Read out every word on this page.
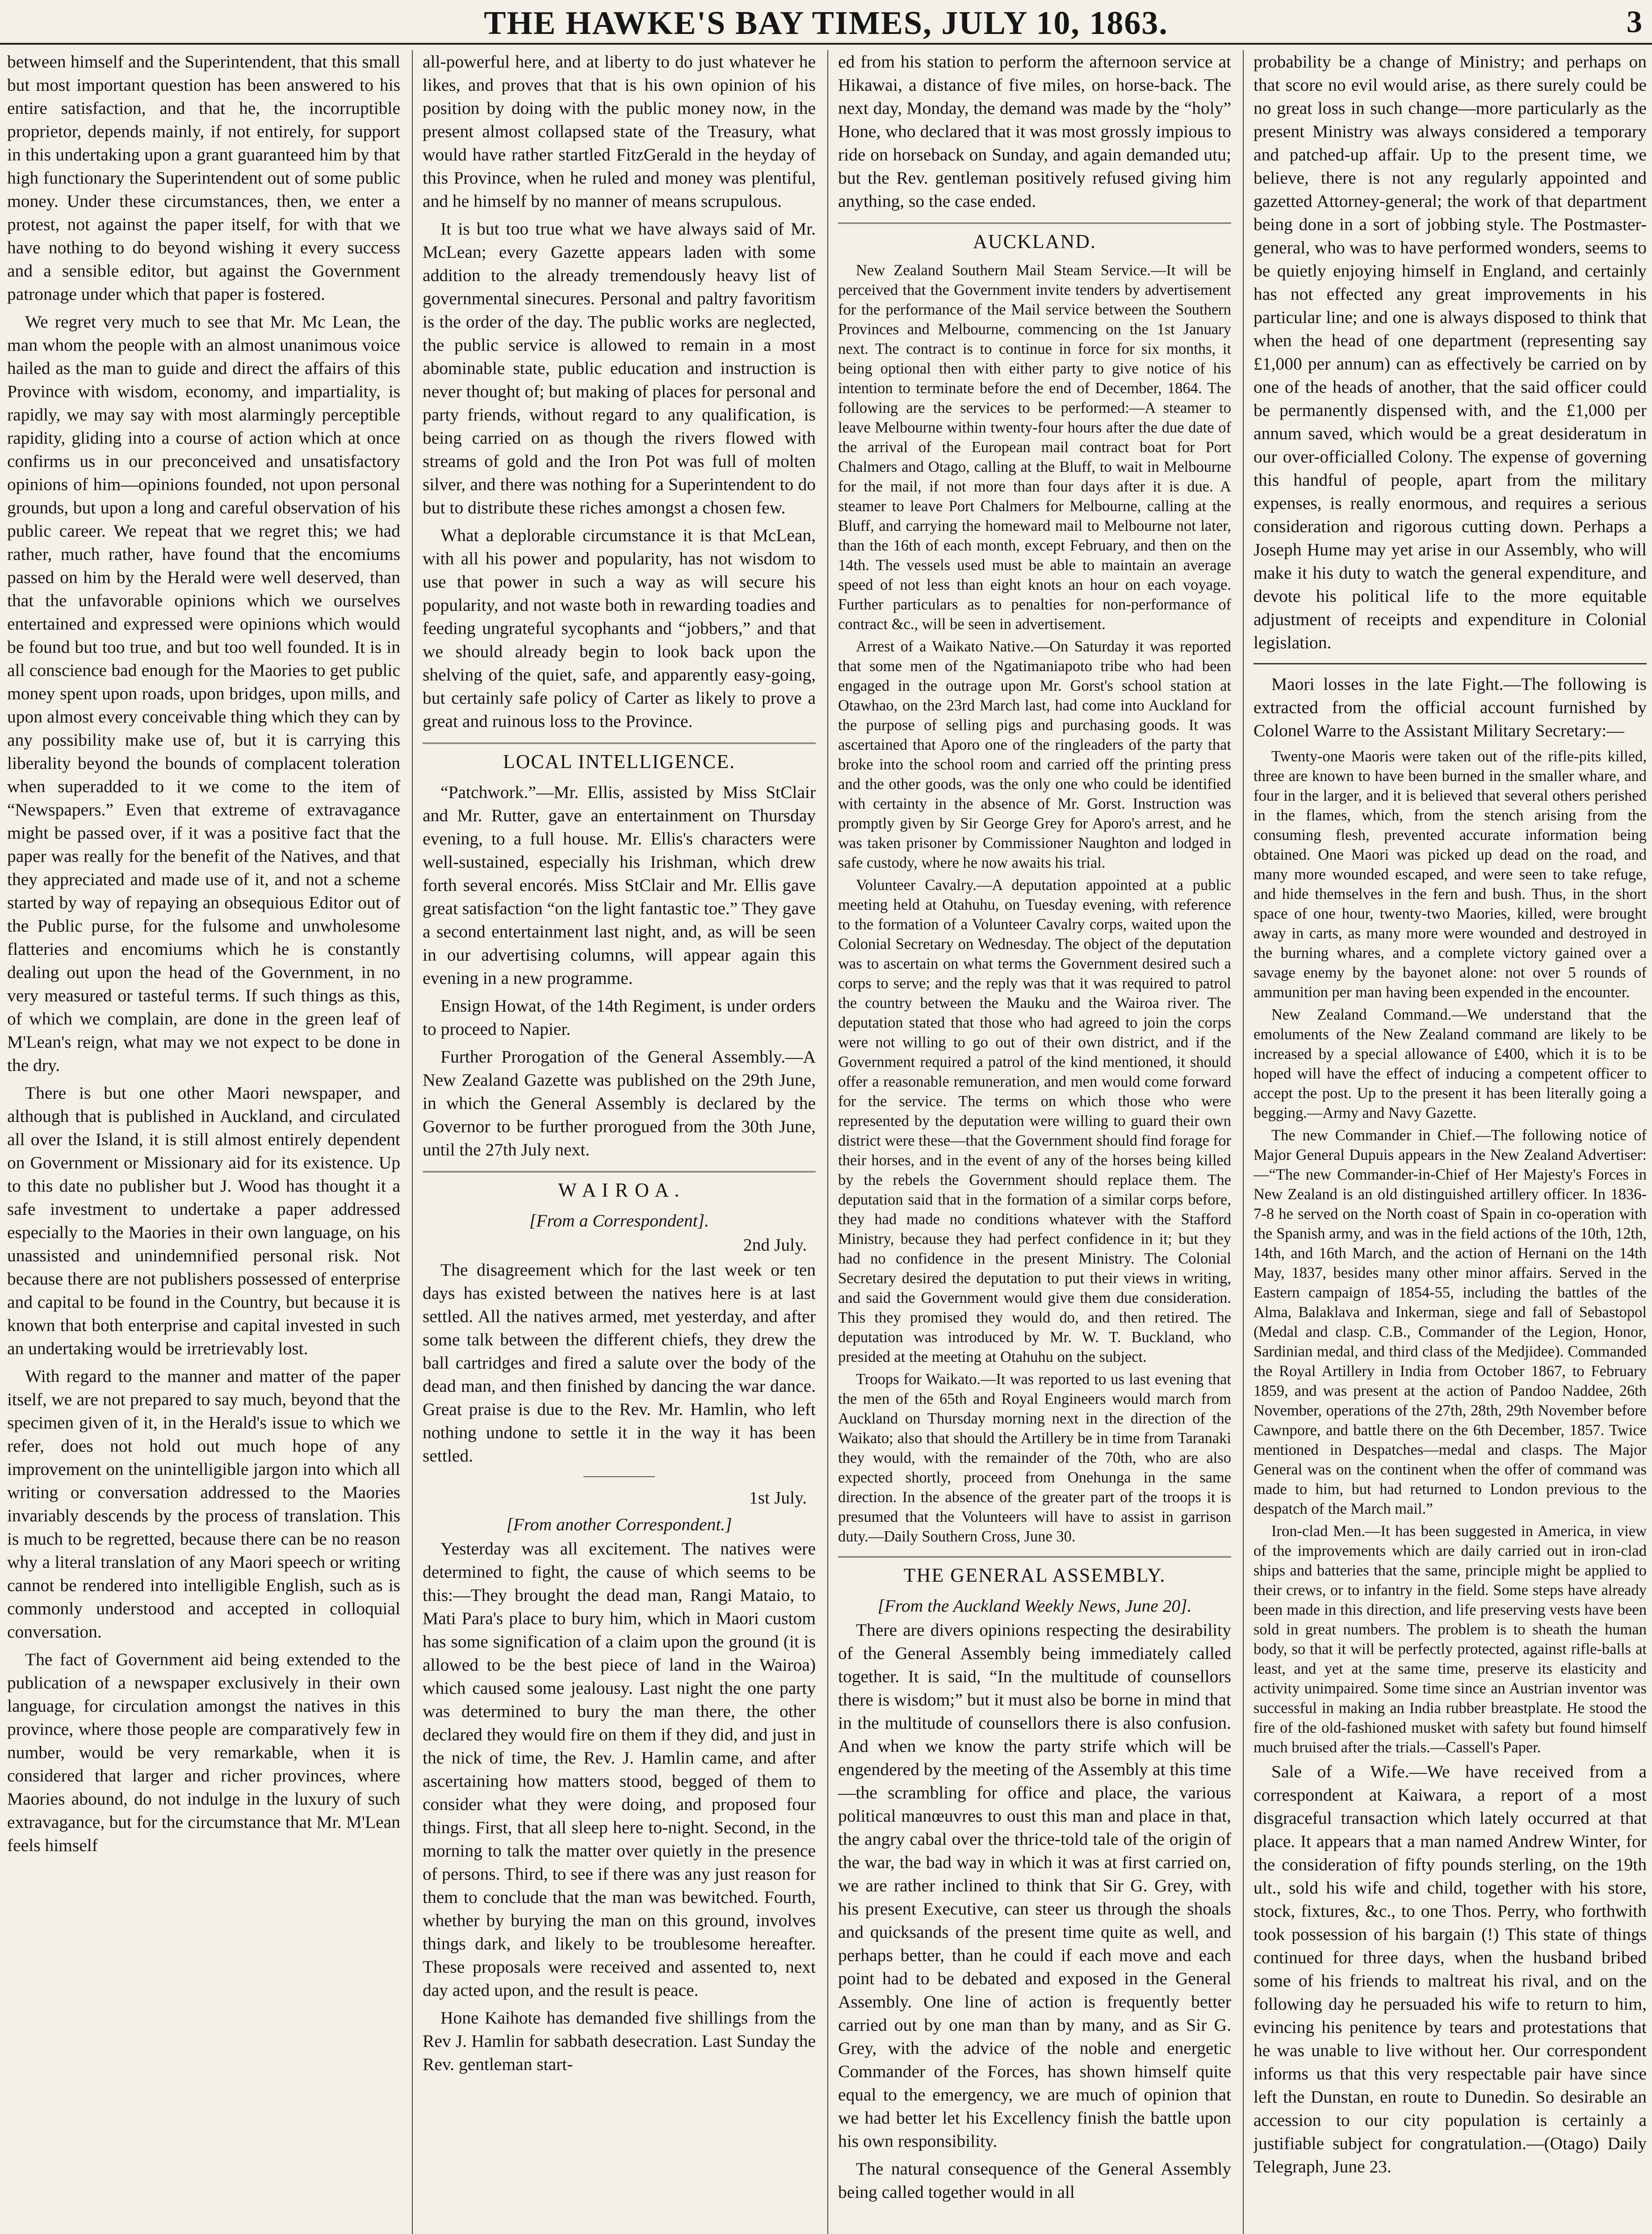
THE HAWKE'S BAY TIMES, JULY 10, 1863.	3

between himself and the Superintendent, that this small but most important question has been answered to his entire satisfaction, and that he, the incorruptible proprietor, depends mainly, if not entirely, for support in this undertaking upon a grant guaranteed him by that high functionary the Superintendent out of some public money. Under these circumstances, then, we enter a protest, not against the paper itself, for with that we have nothing to do beyond wishing it every success and a sensible editor, but against the Government patronage under which that paper is fostered.

We regret very much to see that Mr. Mc Lean, the man whom the people with an almost unanimous voice hailed as the man to guide and direct the affairs of this Province with wisdom, economy, and impartiality, is rapidly, we may say with most alarmingly perceptible rapidity, gliding into a course of action which at once confirms us in our preconceived and unsatisfactory opinions of him—opinions founded, not upon personal grounds, but upon a long and careful observation of his public career. We repeat that we regret this; we had rather, much rather, have found that the encomiums passed on him by the Herald were well deserved, than that the unfavorable opinions which we ourselves entertained and expressed were opinions which would be found but too true, and but too well founded. It is in all conscience bad enough for the Maories to get public money spent upon roads, upon bridges, upon mills, and upon almost every conceivable thing which they can by any possibility make use of, but it is carrying this liberality beyond the bounds of complacent toleration when superadded to it we come to the item of “Newspapers.” Even that extreme of extravagance might be passed over, if it was a positive fact that the paper was really for the benefit of the Natives, and that they appreciated and made use of it, and not a scheme started by way of repaying an obsequious Editor out of the Public purse, for the fulsome and unwholesome flatteries and encomiums which he is constantly dealing out upon the head of the Government, in no very measured or tasteful terms. If such things as this, of which we complain, are done in the green leaf of M'Lean's reign, what may we not expect to be done in the dry.

There is but one other Maori newspaper, and although that is published in Auckland, and circulated all over the Island, it is still almost entirely dependent on Government or Missionary aid for its existence. Up to this date no publisher but J. Wood has thought it a safe investment to undertake a paper addressed especially to the Maories in their own language, on his unassisted and unindemnified personal risk. Not because there are not publishers possessed of enterprise and capital to be found in the Country, but because it is known that both enterprise and capital invested in such an undertaking would be irretrievably lost.

With regard to the manner and matter of the paper itself, we are not prepared to say much, beyond that the specimen given of it, in the Herald's issue to which we refer, does not hold out much hope of any improvement on the unintelligible jargon into which all writing or conversation addressed to the Maories invariably descends by the process of translation. This is much to be regretted, because there can be no reason why a literal translation of any Maori speech or writing cannot be rendered into intelligible English, such as is commonly understood and accepted in colloquial conversation.

The fact of Government aid being extended to the publication of a newspaper exclusively in their own language, for circulation amongst the natives in this province, where those people are comparatively few in number, would be very remarkable, when it is considered that larger and richer provinces, where Maories abound, do not indulge in the luxury of such extravagance, but for the circumstance that Mr. M'Lean feels himself

all-powerful here, and at liberty to do just whatever he likes, and proves that that is his own opinion of his position by doing with the public money now, in the present almost collapsed state of the Treasury, what would have rather startled FitzGerald in the heyday of this Province, when he ruled and money was plentiful, and he himself by no manner of means scrupulous.

It is but too true what we have always said of Mr. McLean; every Gazette appears laden with some addition to the already tremendously heavy list of governmental sinecures. Personal and paltry favoritism is the order of the day. The public works are neglected, the public service is allowed to remain in a most abominable state, public education and instruction is never thought of; but making of places for personal and party friends, without regard to any qualification, is being carried on as though the rivers flowed with streams of gold and the Iron Pot was full of molten silver, and there was nothing for a Superintendent to do but to distribute these riches amongst a chosen few.

What a deplorable circumstance it is that McLean, with all his power and popularity, has not wisdom to use that power in such a way as will secure his popularity, and not waste both in rewarding toadies and feeding ungrateful sycophants and “jobbers,” and that we should already begin to look back upon the shelving of the quiet, safe, and apparently easy-going, but certainly safe policy of Carter as likely to prove a great and ruinous loss to the Province.

LOCAL INTELLIGENCE.

“Patchwork.”—Mr. Ellis, assisted by Miss StClair and Mr. Rutter, gave an entertainment on Thursday evening, to a full house. Mr. Ellis's characters were well-sustained, especially his Irishman, which drew forth several encorés. Miss StClair and Mr. Ellis gave great satisfaction “on the light fantastic toe.” They gave a second entertainment last night, and, as will be seen in our advertising columns, will appear again this evening in a new programme.

Ensign Howat, of the 14th Regiment, is under orders to proceed to Napier.

Further Prorogation of the General Assembly.—A New Zealand Gazette was published on the 29th June, in which the General Assembly is declared by the Governor to be further prorogued from the 30th June, until the 27th July next.

W A I R O A .
[From a Correspondent].
2nd July.

The disagreement which for the last week or ten days has existed between the natives here is at last settled. All the natives armed, met yesterday, and after some talk between the different chiefs, they drew the ball cartridges and fired a salute over the body of the dead man, and then finished by dancing the war dance. Great praise is due to the Rev. Mr. Hamlin, who left nothing undone to settle it in the way it has been settled.

1st July.
[From another Correspondent.]

Yesterday was all excitement. The natives were determined to fight, the cause of which seems to be this:—They brought the dead man, Rangi Mataio, to Mati Para's place to bury him, which in Maori custom has some signification of a claim upon the ground (it is allowed to be the best piece of land in the Wairoa) which caused some jealousy. Last night the one party was determined to bury the man there, the other declared they would fire on them if they did, and just in the nick of time, the Rev. J. Hamlin came, and after ascertaining how matters stood, begged of them to consider what they were doing, and proposed four things. First, that all sleep here to-night. Second, in the morning to talk the matter over quietly in the presence of persons. Third, to see if there was any just reason for them to conclude that the man was bewitched. Fourth, whether by burying the man on this ground, involves things dark, and likely to be troublesome hereafter. These proposals were received and assented to, next day acted upon, and the result is peace.

Hone Kaihote has demanded five shillings from the Rev J. Hamlin for sabbath desecration. Last Sunday the Rev. gentleman start-

ed from his station to perform the afternoon service at Hikawai, a distance of five miles, on horse-back. The next day, Monday, the demand was made by the “holy” Hone, who declared that it was most grossly impious to ride on horseback on Sunday, and again demanded utu; but the Rev. gentleman positively refused giving him anything, so the case ended.

AUCKLAND.

New Zealand Southern Mail Steam Service.—It will be perceived that the Government invite tenders by advertisement for the performance of the Mail service between the Southern Provinces and Melbourne, commencing on the 1st January next. The contract is to continue in force for six months, it being optional then with either party to give notice of his intention to terminate before the end of December, 1864. The following are the services to be performed:—A steamer to leave Melbourne within twenty-four hours after the due date of the arrival of the European mail contract boat for Port Chalmers and Otago, calling at the Bluff, to wait in Melbourne for the mail, if not more than four days after it is due. A steamer to leave Port Chalmers for Melbourne, calling at the Bluff, and carrying the homeward mail to Melbourne not later, than the 16th of each month, except February, and then on the 14th. The vessels used must be able to maintain an average speed of not less than eight knots an hour on each voyage. Further particulars as to penalties for non-performance of contract &c., will be seen in advertisement.

Arrest of a Waikato Native.—On Saturday it was reported that some men of the Ngatimaniapoto tribe who had been engaged in the outrage upon Mr. Gorst's school station at Otawhao, on the 23rd March last, had come into Auckland for the purpose of selling pigs and purchasing goods. It was ascertained that Aporo one of the ringleaders of the party that broke into the school room and carried off the printing press and the other goods, was the only one who could be identified with certainty in the absence of Mr. Gorst. Instruction was promptly given by Sir George Grey for Aporo's arrest, and he was taken prisoner by Commissioner Naughton and lodged in safe custody, where he now awaits his trial.

Volunteer Cavalry.—A deputation appointed at a public meeting held at Otahuhu, on Tuesday evening, with reference to the formation of a Volunteer Cavalry corps, waited upon the Colonial Secretary on Wednesday. The object of the deputation was to ascertain on what terms the Government desired such a corps to serve; and the reply was that it was required to patrol the country between the Mauku and the Wairoa river. The deputation stated that those who had agreed to join the corps were not willing to go out of their own district, and if the Government required a patrol of the kind mentioned, it should offer a reasonable remuneration, and men would come forward for the service. The terms on which those who were represented by the deputation were willing to guard their own district were these—that the Government should find forage for their horses, and in the event of any of the horses being killed by the rebels the Government should replace them. The deputation said that in the formation of a similar corps before, they had made no conditions whatever with the Stafford Ministry, because they had perfect confidence in it; but they had no confidence in the present Ministry. The Colonial Secretary desired the deputation to put their views in writing, and said the Government would give them due consideration. This they promised they would do, and then retired. The deputation was introduced by Mr. W. T. Buckland, who presided at the meeting at Otahuhu on the subject.

Troops for Waikato.—It was reported to us last evening that the men of the 65th and Royal Engineers would march from Auckland on Thursday morning next in the direction of the Waikato; also that should the Artillery be in time from Taranaki they would, with the remainder of the 70th, who are also expected shortly, proceed from Onehunga in the same direction. In the absence of the greater part of the troops it is presumed that the Volunteers will have to assist in garrison duty.—Daily Southern Cross, June 30.

THE GENERAL ASSEMBLY.
[From the Auckland Weekly News, June 20].

There are divers opinions respecting the desirability of the General Assembly being immediately called together. It is said, “In the multitude of counsellors there is wisdom;” but it must also be borne in mind that in the multitude of counsellors there is also confusion. And when we know the party strife which will be engendered by the meeting of the Assembly at this time—the scrambling for office and place, the various political manœuvres to oust this man and place in that, the angry cabal over the thrice-told tale of the origin of the war, the bad way in which it was at first carried on, we are rather inclined to think that Sir G. Grey, with his present Executive, can steer us through the shoals and quicksands of the present time quite as well, and perhaps better, than he could if each move and each point had to be debated and exposed in the General Assembly. One line of action is frequently better carried out by one man than by many, and as Sir G. Grey, with the advice of the noble and energetic Commander of the Forces, has shown himself quite equal to the emergency, we are much of opinion that we had better let his Excellency finish the battle upon his own responsibility.

The natural consequence of the General Assembly being called together would in all

probability be a change of Ministry; and perhaps on that score no evil would arise, as there surely could be no great loss in such change—more particularly as the present Ministry was always considered a temporary and patched-up affair. Up to the present time, we believe, there is not any regularly appointed and gazetted Attorney-general; the work of that department being done in a sort of jobbing style. The Postmaster-general, who was to have performed wonders, seems to be quietly enjoying himself in England, and certainly has not effected any great improvements in his particular line; and one is always disposed to think that when the head of one department (representing say £1,000 per annum) can as effectively be carried on by one of the heads of another, that the said officer could be permanently dispensed with, and the £1,000 per annum saved, which would be a great desideratum in our over-officialled Colony. The expense of governing this handful of people, apart from the military expenses, is really enormous, and requires a serious consideration and rigorous cutting down. Perhaps a Joseph Hume may yet arise in our Assembly, who will make it his duty to watch the general expenditure, and devote his political life to the more equitable adjustment of receipts and expenditure in Colonial legislation.

Maori losses in the late Fight.—The following is extracted from the official account furnished by Colonel Warre to the Assistant Military Secretary:—

Twenty-one Maoris were taken out of the rifle-pits killed, three are known to have been burned in the smaller whare, and four in the larger, and it is believed that several others perished in the flames, which, from the stench arising from the consuming flesh, prevented accurate information being obtained. One Maori was picked up dead on the road, and many more wounded escaped, and were seen to take refuge, and hide themselves in the fern and bush. Thus, in the short space of one hour, twenty-two Maories, killed, were brought away in carts, as many more were wounded and destroyed in the burning whares, and a complete victory gained over a savage enemy by the bayonet alone: not over 5 rounds of ammunition per man having been expended in the encounter.

New Zealand Command.—We understand that the emoluments of the New Zealand command are likely to be increased by a special allowance of £400, which it is to be hoped will have the effect of inducing a competent officer to accept the post. Up to the present it has been literally going a begging.—Army and Navy Gazette.

The new Commander in Chief.—The following notice of Major General Dupuis appears in the New Zealand Advertiser:—“The new Commander-in-Chief of Her Majesty's Forces in New Zealand is an old distinguished artillery officer. In 1836-7-8 he served on the North coast of Spain in co-operation with the Spanish army, and was in the field actions of the 10th, 12th, 14th, and 16th March, and the action of Hernani on the 14th May, 1837, besides many other minor affairs. Served in the Eastern campaign of 1854-55, including the battles of the Alma, Balaklava and Inkerman, siege and fall of Sebastopol (Medal and clasp. C.B., Commander of the Legion, Honor, Sardinian medal, and third class of the Medjidee). Commanded the Royal Artillery in India from October 1867, to February 1859, and was present at the action of Pandoo Naddee, 26th November, operations of the 27th, 28th, 29th November before Cawnpore, and battle there on the 6th December, 1857. Twice mentioned in Despatches—medal and clasps. The Major General was on the continent when the offer of command was made to him, but had returned to London previous to the despatch of the March mail.”

Iron-clad Men.—It has been suggested in America, in view of the improvements which are daily carried out in iron-clad ships and batteries that the same, principle might be applied to their crews, or to infantry in the field. Some steps have already been made in this direction, and life preserving vests have been sold in great numbers. The problem is to sheath the human body, so that it will be perfectly protected, against rifle-balls at least, and yet at the same time, preserve its elasticity and activity unimpaired. Some time since an Austrian inventor was successful in making an India rubber breastplate. He stood the fire of the old-fashioned musket with safety but found himself much bruised after the trials.—Cassell's Paper.

Sale of a Wife.—We have received from a correspondent at Kaiwara, a report of a most disgraceful transaction which lately occurred at that place. It appears that a man named Andrew Winter, for the consideration of fifty pounds sterling, on the 19th ult., sold his wife and child, together with his store, stock, fixtures, &c., to one Thos. Perry, who forthwith took possession of his bargain (!) This state of things continued for three days, when the husband bribed some of his friends to maltreat his rival, and on the following day he persuaded his wife to return to him, evincing his penitence by tears and protestations that he was unable to live without her. Our correspondent informs us that this very respectable pair have since left the Dunstan, en route to Dunedin. So desirable an accession to our city population is certainly a justifiable subject for congratulation.—(Otago) Daily Telegraph, June 23.
